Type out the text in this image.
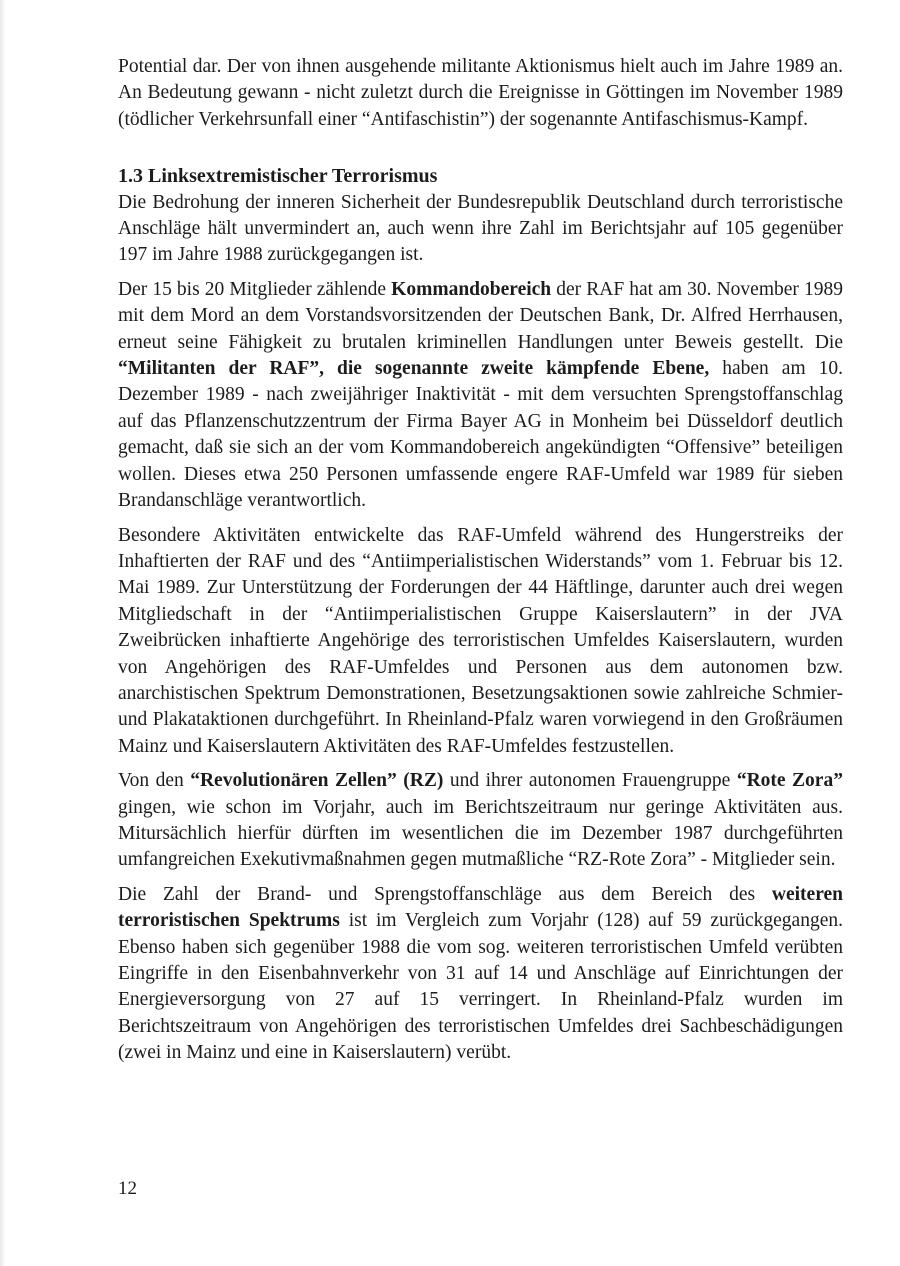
Potential dar. Der von ihnen ausgehende militante Aktionismus hielt auch im Jahre 1989 an. An Bedeutung gewann - nicht zuletzt durch die Ereignisse in Göttingen im November 1989 (tödlicher Verkehrsunfall einer “Antifaschistin”) der sogenannte Antifaschismus-Kampf.

1.3 Linksextremistischer Terrorismus

Die Bedrohung der inneren Sicherheit der Bundesrepublik Deutschland durch terroristische Anschläge hält unvermindert an, auch wenn ihre Zahl im Berichtsjahr auf 105 gegenüber 197 im Jahre 1988 zurückgegangen ist.

Der 15 bis 20 Mitglieder zählende Kommandobereich der RAF hat am 30. November 1989 mit dem Mord an dem Vorstandsvorsitzenden der Deutschen Bank, Dr. Alfred Herrhausen, erneut seine Fähigkeit zu brutalen kriminellen Handlungen unter Beweis gestellt. Die “Militanten der RAF”, die sogenannte zweite kämpfende Ebene, haben am 10. Dezember 1989 - nach zweijähriger Inaktivität - mit dem versuchten Sprengstoffanschlag auf das Pflanzenschutzzentrum der Firma Bayer AG in Monheim bei Düsseldorf deutlich gemacht, daß sie sich an der vom Kommandobereich angekündigten “Offensive” beteiligen wollen. Dieses etwa 250 Personen umfassende engere RAF-Umfeld war 1989 für sieben Brandanschläge verantwortlich.

Besondere Aktivitäten entwickelte das RAF-Umfeld während des Hungerstreiks der Inhaftierten der RAF und des “Antiimperialistischen Widerstands” vom 1. Februar bis 12. Mai 1989. Zur Unterstützung der Forderungen der 44 Häftlinge, darunter auch drei wegen Mitgliedschaft in der “Antiimperialistischen Gruppe Kaiserslautern” in der JVA Zweibrücken inhaftierte Angehörige des terroristischen Umfeldes Kaiserslautern, wurden von Angehörigen des RAF-Umfeldes und Personen aus dem autonomen bzw. anarchistischen Spektrum Demonstrationen, Besetzungsaktionen sowie zahlreiche Schmier- und Plakataktionen durchgeführt. In Rheinland-Pfalz waren vorwiegend in den Großräumen Mainz und Kaiserslautern Aktivitäten des RAF-Umfeldes festzustellen.

Von den “Revolutionären Zellen” (RZ) und ihrer autonomen Frauengruppe “Rote Zora” gingen, wie schon im Vorjahr, auch im Berichtszeitraum nur geringe Aktivitäten aus. Mitursächlich hierfür dürften im wesentlichen die im Dezember 1987 durchgeführten umfangreichen Exekutivmaßnahmen gegen mutmaßliche “RZ-Rote Zora” - Mitglieder sein.

Die Zahl der Brand- und Sprengstoffanschläge aus dem Bereich des weiteren terroristischen Spektrums ist im Vergleich zum Vorjahr (128) auf 59 zurückgegangen. Ebenso haben sich gegenüber 1988 die vom sog. weiteren terroristischen Umfeld verübten Eingriffe in den Eisenbahnverkehr von 31 auf 14 und Anschläge auf Einrichtungen der Energieversorgung von 27 auf 15 verringert. In Rheinland-Pfalz wurden im Berichtszeitraum von Angehörigen des terroristischen Umfeldes drei Sachbeschädigungen (zwei in Mainz und eine in Kaiserslautern) verübt.

12
